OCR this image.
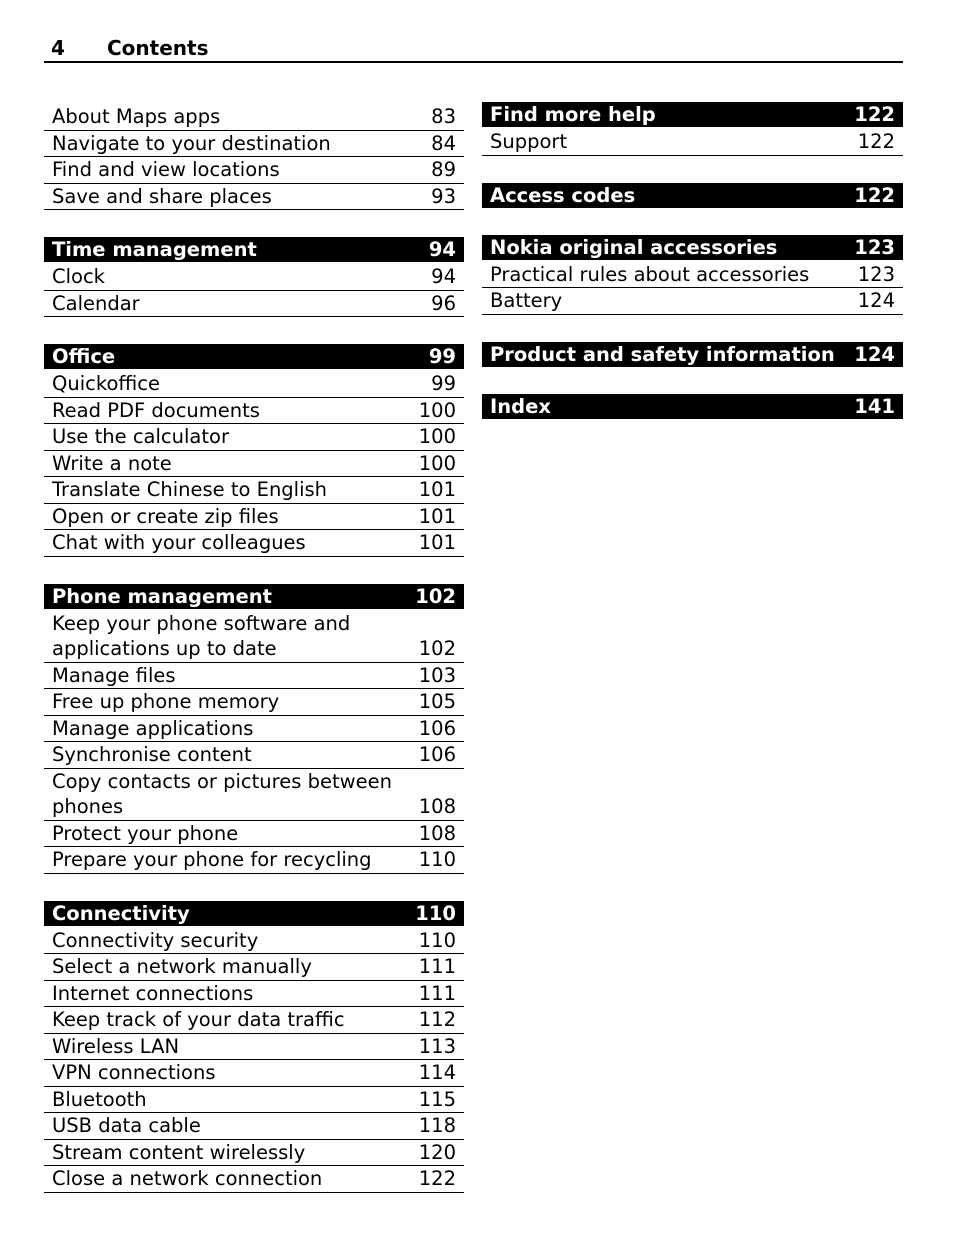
4 Contents
About Maps apps	83
Navigate to your destination	84
Find and view locations	89
Save and share places	93
Time management	94
Clock	94
Calendar	96
Office	99
Quickoffice	99
Read PDF documents	100
Use the calculator	100
Write a note	100
Translate Chinese to English	101
Open or create zip files	101
Chat with your colleagues	101
Phone management	102
Keep your phone software and
applications up to date	102
Manage files	103
Free up phone memory	105
Manage applications	106
Synchronise content	106
Copy contacts or pictures between
phones	108
Protect your phone	108
Prepare your phone for recycling 110
Connectivity	110
Connectivity security	110
Select a network manually	111
Internet connections	111
Keep track of your data traffic	112
Wireless LAN	113
VPN connections	114
Bluetooth	115
USB data cable	118
Stream content wirelessly	120
Close a network connection	122
Find more help	122
Support	122
Access codes	122
Nokia original accessories	123
Practical rules about accessories 123
Battery	124
Product and safety information 124
Index	141
